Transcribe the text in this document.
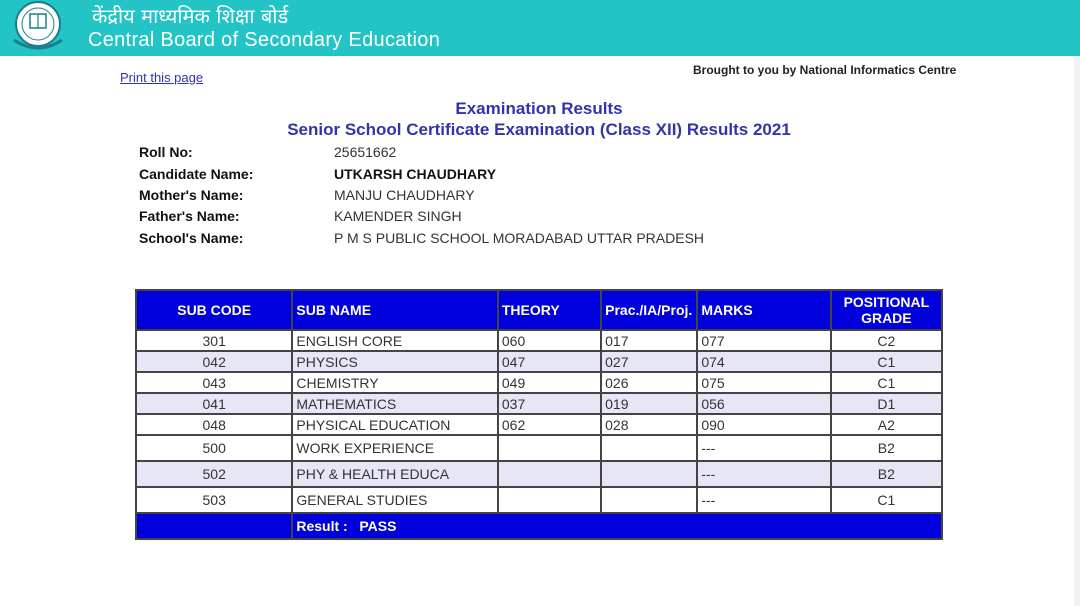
केंद्रीय माध्यमिक शिक्षा बोर्ड
Central Board of Secondary Education
Print this page	Brought to you by National Informatics Centre
Examination Results
Senior School Certificate Examination (Class XII) Results 2021
Roll No:	25651662
Candidate Name:	UTKARSH CHAUDHARY
Mother's Name:	MANJU CHAUDHARY
Father's Name:	KAMENDER SINGH
School's Name:	P M S PUBLIC SCHOOL MORADABAD UTTAR PRADESH
SUB CODE	SUB NAME	THEORY	Prac./IA/Proj.	MARKS	POSITIONAL GRADE
301	ENGLISH CORE	060	017	077	C2
042	PHYSICS	047	027	074	C1
043	CHEMISTRY	049	026	075	C1
041	MATHEMATICS	037	019	056	D1
048	PHYSICAL EDUCATION	062	028	090	A2
500	WORK EXPERIENCE			---	B2
502	PHY & HEALTH EDUCA			---	B2
503	GENERAL STUDIES			---	C1
	Result :   PASS				
